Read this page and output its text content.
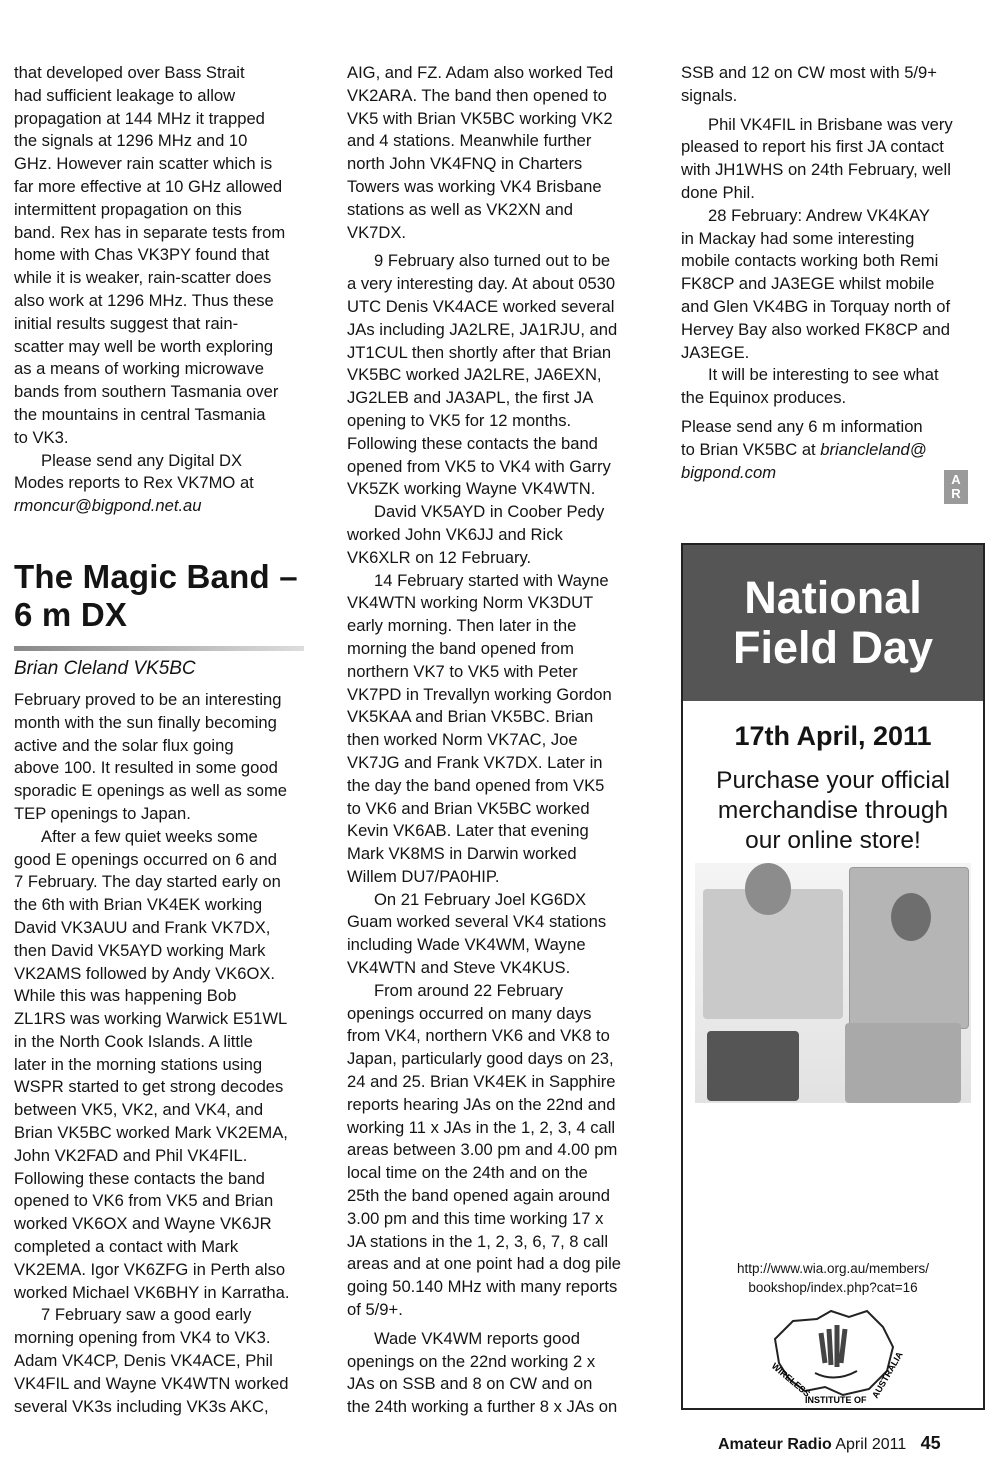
that developed over Bass Strait
had sufficient leakage to allow
propagation at 144 MHz it trapped
the signals at 1296 MHz and 10
GHz. However rain scatter which is
far more effective at 10 GHz allowed
intermittent propagation on this
band. Rex has in separate tests from
home with Chas VK3PY found that
while it is weaker, rain-scatter does
also work at 1296 MHz. Thus these
initial results suggest that rain-
scatter may well be worth exploring
as a means of working microwave
bands from southern Tasmania over
the mountains in central Tasmania
to VK3.

Please send any Digital DX
Modes reports to Rex VK7MO at

rmoncur@bigpond.net.au

The Magic Band –
6 m DX

Brian Cleland VK5BC

February proved to be an interesting
month with the sun finally becoming
active and the solar flux going
above 100. It resulted in some good
sporadic E openings as well as some
TEP openings to Japan.

After a few quiet weeks some
good E openings occurred on 6 and
7 February. The day started early on
the 6th with Brian VK4EK working
David VK3AUU and Frank VK7DX,
then David VK5AYD working Mark
VK2AMS followed by Andy VK6OX.
While this was happening Bob
ZL1RS was working Warwick E51WL
in the North Cook Islands. A little
later in the morning stations using
WSPR started to get strong decodes
between VK5, VK2, and VK4, and
Brian VK5BC worked Mark VK2EMA,
John VK2FAD and Phil VK4FIL.
Following these contacts the band
opened to VK6 from VK5 and Brian
worked VK6OX and Wayne VK6JR
completed a contact with Mark
VK2EMA. Igor VK6ZFG in Perth also
worked Michael VK6BHY in Karratha.

7 February saw a good early
morning opening from VK4 to VK3.
Adam VK4CP, Denis VK4ACE, Phil
VK4FIL and Wayne VK4WTN worked
several VK3s including VK3s AKC,

AIG, and FZ. Adam also worked Ted
VK2ARA. The band then opened to
VK5 with Brian VK5BC working VK2
and 4 stations. Meanwhile further
north John VK4FNQ in Charters
Towers was working VK4 Brisbane
stations as well as VK2XN and
VK7DX.

9 February also turned out to be
a very interesting day. At about 0530
UTC Denis VK4ACE worked several
JAs including JA2LRE, JA1RJU, and
JT1CUL then shortly after that Brian
VK5BC worked JA2LRE, JA6EXN,
JG2LEB and JA3APL, the first JA
opening to VK5 for 12 months.
Following these contacts the band
opened from VK5 to VK4 with Garry
VK5ZK working Wayne VK4WTN.

David VK5AYD in Coober Pedy
worked John VK6JJ and Rick
VK6XLR on 12 February.

14 February started with Wayne
VK4WTN working Norm VK3DUT
early morning. Then later in the
morning the band opened from
northern VK7 to VK5 with Peter
VK7PD in Trevallyn working Gordon
VK5KAA and Brian VK5BC. Brian
then worked Norm VK7AC, Joe
VK7JG and Frank VK7DX. Later in
the day the band opened from VK5
to VK6 and Brian VK5BC worked
Kevin VK6AB. Later that evening
Mark VK8MS in Darwin worked
Willem DU7/PA0HIP.

On 21 February Joel KG6DX
Guam worked several VK4 stations
including Wade VK4WM, Wayne
VK4WTN and Steve VK4KUS.

From around 22 February
openings occurred on many days
from VK4, northern VK6 and VK8 to
Japan, particularly good days on 23,
24 and 25. Brian VK4EK in Sapphire
reports hearing JAs on the 22nd and
working 11 x JAs in the 1, 2, 3, 4 call
areas between 3.00 pm and 4.00 pm
local time on the 24th and on the
25th the band opened again around
3.00 pm and this time working 17 x
JA stations in the 1, 2, 3, 6, 7, 8 call
areas and at one point had a dog pile
going 50.140 MHz with many reports
of 5/9+.

Wade VK4WM reports good
openings on the 22nd working 2 x
JAs on SSB and 8 on CW and on
the 24th working a further 8 x JAs on

SSB and 12 on CW most with 5/9+
signals.

Phil VK4FIL in Brisbane was very
pleased to report his first JA contact
with JH1WHS on 24th February, well
done Phil.

28 February: Andrew VK4KAY
in Mackay had some interesting
mobile contacts working both Remi
FK8CP and JA3EGE whilst mobile
and Glen VK4BG in Torquay north of
Hervey Bay also worked FK8CP and
JA3EGE.

It will be interesting to see what
the Equinox produces.

Please send any 6 m information
to Brian VK5BC at briancleland@
bigpond.com	A
R
National
Field Day
17th April, 2011
Purchase your official
merchandise through
our online store!
http://www.wia.org.au/members/
bookshop/index.php?cat=16
WIRELESS
INSTITUTE OF AUSTRALIA
Amateur Radio April 2011 45
